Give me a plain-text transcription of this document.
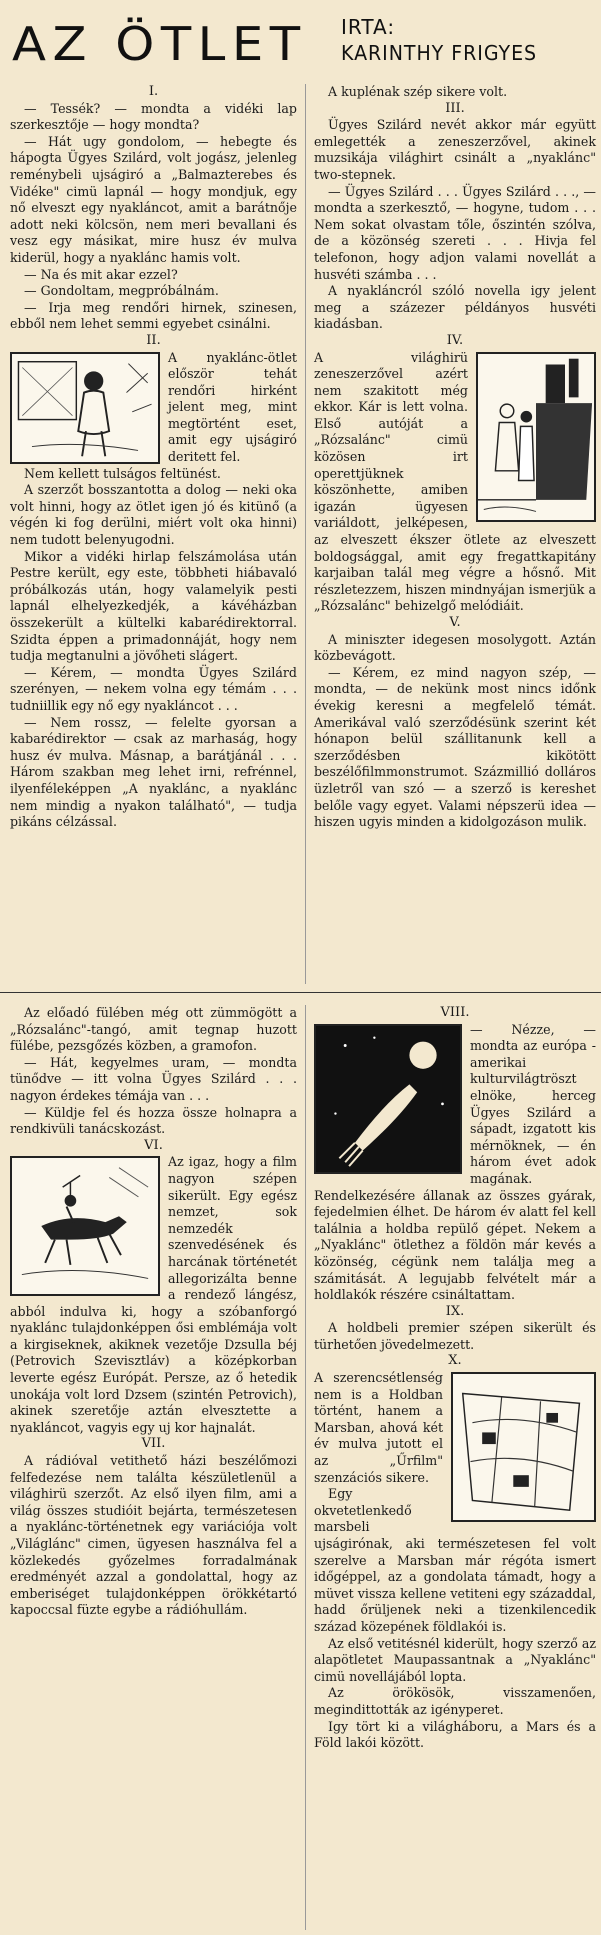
AZ ÖTLET IRTA:
KARINTHY FRIGYES

I.

— Tessék? — mondta a vidéki lap szerkesztője — hogy mondta?

— Hát ugy gondolom, — hebegte és hápogta Ügyes Szilárd, volt jogász, jelenleg reménybeli ujságiró a „Balmazterebes és Vidéke" cimü lapnál — hogy mondjuk, egy nő elveszt egy nyakláncot, amit a barátnője adott neki kölcsön, nem meri bevallani és vesz egy másikat, mire husz év mulva kiderül, hogy a nyaklánc hamis volt.

— Na és mit akar ezzel?

— Gondoltam, megpróbálnám.

— Irja meg rendőri hirnek, szinesen, ebből nem lehet semmi egyebet csinálni.

II.

A nyaklánc-ötlet először tehát rendőri hirként jelent meg, mint megtörtént eset, amit egy ujságiró deritett fel.

Nem kellett tulságos feltünést.

A szerzőt bosszantotta a dolog — neki oka volt hinni, hogy az ötlet igen jó és kitünő (a végén ki fog derülni, miért volt oka hinni) nem tudott belenyugodni.

Mikor a vidéki hirlap felszámolása után Pestre került, egy este, többheti hiábavaló próbálkozás után, hogy valamelyik pesti lapnál elhelyezkedjék, a kávéházban összekerült a kültelki kabarédirektorral. Szidta éppen a primadonnáját, hogy nem tudja megtanulni a jövőheti slágert.

— Kérem, — mondta Ügyes Szilárd szerényen, — nekem volna egy témám . . . tudniillik egy nő egy nyakláncot . . .

— Nem rossz, — felelte gyorsan a kabarédirektor — csak az marhaság, hogy husz év mulva. Másnap, a barátjánál . . . Három szakban meg lehet irni, refrénnel, ilyenféleképpen „A nyaklánc, a nyaklánc nem mindig a nyakon található", — tudja pikáns célzással.

A kuplénak szép sikere volt.

III.

Ügyes Szilárd nevét akkor már együtt emlegették a zeneszerzővel, akinek muzsikája világhirt csinált a „nyaklánc" two-stepnek.

— Ügyes Szilárd . . . Ügyes Szilárd . . ., — mondta a szerkesztő, — hogyne, tudom . . . Nem sokat olvastam tőle, őszintén szólva, de a közönség szereti . . . Hivja fel telefonon, hogy adjon valami novellát a husvéti számba . . .

A nyakláncról szóló novella igy jelent meg a százezer példányos husvéti kiadásban.

IV.

A világhirü zeneszerzővel azért nem szakitott még ekkor. Kár is lett volna. Első autóját a „Rózsalánc" cimü közösen irt operettjüknek köszönhette, amiben igazán ügyesen variáldott, jelképesen, az elveszett ékszer ötlete az elveszett boldogsággal, amit egy fregattkapitány karjaiban talál meg végre a hősnő. Mit részletezzem, hiszen mindnyájan ismerjük a „Rózsalánc" behizelgő melódiáit.

V.

A miniszter idegesen mosolygott. Aztán közbevágott.

— Kérem, ez mind nagyon szép, — mondta, — de nekünk most nincs időnk évekig keresni a megfelelő témát. Amerikával való szerződésünk szerint két hónapon belül szállitanunk kell a szerződésben kikötött beszélőfilmmonstrumot. Százmillió dolláros üzletről van szó — a szerző is kereshet belőle vagy egyet. Valami népszerü idea — hiszen ugyis minden a kidolgozáson mulik.

Az előadó fülében még ott zümmögött a „Rózsalánc"-tangó, amit tegnap huzott fülébe, pezsgőzés közben, a gramofon.

— Hát, kegyelmes uram, — mondta tünődve — itt volna Ügyes Szilárd . . . nagyon érdekes témája van . . .

— Küldje fel és hozza össze holnapra a rendkivüli tanácskozást.

VI.

Az igaz, hogy a film nagyon szépen sikerült. Egy egész nemzet, sok nemzedék szenvedésének és harcának történetét allegorizálta benne a rendező lángész, abból indulva ki, hogy a szóbanforgó nyaklánc tulajdonképpen ősi emblémája volt a kirgiseknek, akiknek vezetője Dzsulla béj (Petrovich Szevisztláv) a középkorban leverte egész Európát. Persze, az ő hetedik unokája volt lord Dzsem (szintén Petrovich), akinek szeretője aztán elvesztette a nyakláncot, vagyis egy uj kor hajnalát.

VII.

A rádióval vetithető házi beszélőmozi felfedezése nem találta készületlenül a világhirü szerzőt. Az első ilyen film, ami a világ összes studióit bejárta, természetesen a nyaklánc-történetnek egy variációja volt „Világlánc" cimen, ügyesen használva fel a közlekedés győzelmes forradalmának eredményét azzal a gondolattal, hogy az emberiséget tulajdonképpen örökkétartó kapoccsal füzte egybe a rádióhullám.

VIII.

— Nézze, — mondta az európa - amerikai kulturvilágtröszt elnöke, herceg Ügyes Szilárd a sápadt, izgatott kis mérnöknek, — én három évet adok magának. Rendelkezésére állanak az összes gyárak, fejedelmien élhet. De három év alatt fel kell találnia a holdba repülő gépet. Nekem a „Nyaklánc" ötlethez a földön már kevés a közönség, cégünk nem találja meg a számitását. A legujabb felvételt már a holdlakók részére csináltattam.

IX.

A holdbeli premier szépen sikerült és türhetően jövedelmezett.

X.

A szerencsétlenség nem is a Holdban történt, hanem a Marsban, ahová két év mulva jutott el az „Űrfilm" szenzációs sikere.

Egy okvetetlenkedő marsbeli ujságirónak, aki természetesen fel volt szerelve a Marsban már régóta ismert időgéppel, az a gondolata támadt, hogy a müvet vissza kellene vetiteni egy századdal, hadd őrüljenek neki a tizenkilencedik század közepének földlakói is.

Az első vetitésnél kiderült, hogy szerző az alapötletet Maupassantnak a „Nyaklánc" cimü novellájából lopta.

Az örökösök, visszamenően, megindittották az igényperet.

Igy tört ki a világháboru, a Mars és a Föld lakói között.
